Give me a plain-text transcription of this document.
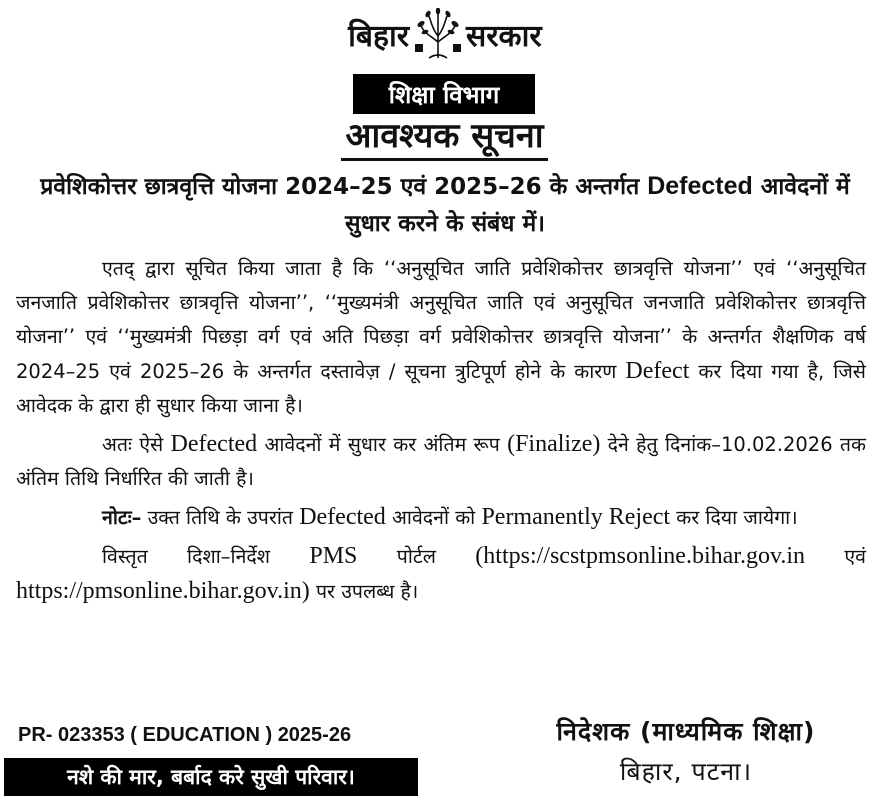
बिहार सरकार
शिक्षा विभाग
आवश्यक सूचना
प्रवेशिकोत्तर छात्रवृत्ति योजना 2024–25 एवं 2025–26 के अन्तर्गत Defected आवेदनों में सुधार करने के संबंध में।

एतद् द्वारा सूचित किया जाता है कि ‘‘अनुसूचित जाति प्रवेशिकोत्तर छात्रवृत्ति योजना’’ एवं ‘‘अनुसूचित जनजाति प्रवेशिकोत्तर छात्रवृत्ति योजना’’, ‘‘मुख्यमंत्री अनुसूचित जाति एवं अनुसूचित जनजाति प्रवेशिकोत्तर छात्रवृत्ति योजना’’ एवं ‘‘मुख्यमंत्री पिछड़ा वर्ग एवं अति पिछड़ा वर्ग प्रवेशिकोत्तर छात्रवृत्ति योजना’’ के अन्तर्गत शैक्षणिक वर्ष 2024–25 एवं 2025–26 के अन्तर्गत दस्तावेज़ / सूचना त्रुटिपूर्ण होने के कारण Defect कर दिया गया है, जिसे आवेदक के द्वारा ही सुधार किया जाना है।

अतः ऐसे Defected आवेदनों में सुधार कर अंतिम रूप (Finalize) देने हेतु दिनांक–10.02.2026 तक अंतिम तिथि निर्धारित की जाती है।

नोटः– उक्त तिथि के उपरांत Defected आवेदनों को Permanently Reject कर दिया जायेगा।

विस्तृत दिशा–निर्देश PMS पोर्टल (https://scstpmsonline.bihar.gov.in एवं https://pmsonline.bihar.gov.in) पर उपलब्ध है।

PR- 023353 ( EDUCATION ) 2025-26	निदेशक (माध्यमिक शिक्षा)
बिहार, पटना।
नशे की मार, बर्बाद करे सुखी परिवार।
